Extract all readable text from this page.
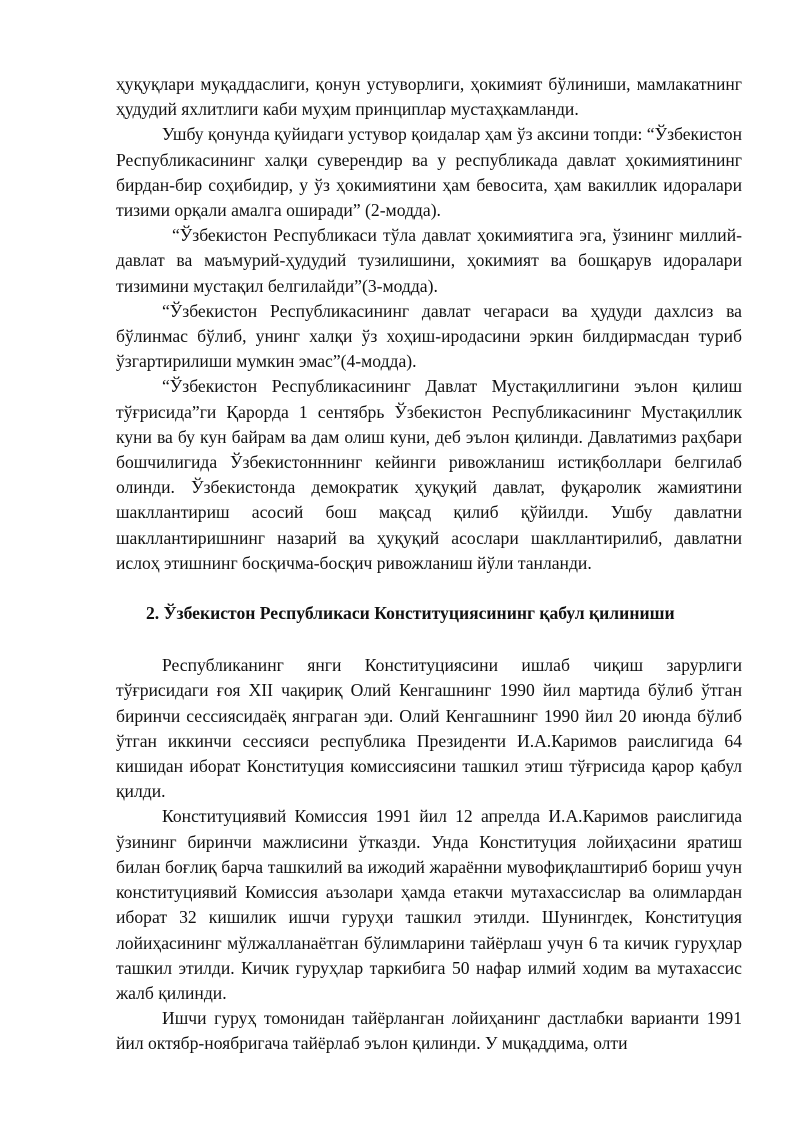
ҳуқуқлари муқаддаслиги, қонун устуворлиги, ҳокимият бўлиниши, мамлакатнинг ҳудудий яхлитлиги каби муҳим принциплар мустаҳкамланди.

Ушбу қонунда қуйидаги устувор қоидалар ҳам ўз аксини топди: “Ўзбекистон Республикасининг халқи суверендир ва у республикада давлат ҳокимиятининг бирдан-бир соҳибидир, у ўз ҳокимиятини ҳам бевосита, ҳам вакиллик идоралари тизими орқали амалга оширади” (2-модда).

“Ўзбекистон Республикаси тўла давлат ҳокимиятига эга, ўзининг миллий-давлат ва маъмурий-ҳудудий тузилишини, ҳокимият ва бошқарув идоралари тизимини мустақил белгилайди”(3-модда).

“Ўзбекистон Республикасининг давлат чегараси ва ҳудуди дахлсиз ва бўлинмас бўлиб, унинг халқи ўз хоҳиш-иродасини эркин билдирмасдан туриб ўзгартирилиши мумкин эмас”(4-модда).

“Ўзбекистон Республикасининг Давлат Мустақиллигини эълон қилиш тўғрисида”ги Қарорда 1 сентябрь Ўзбекистон Республикасининг Мустақиллик куни ва бу кун байрам ва дам олиш куни, деб эълон қилинди. Давлатимиз раҳбари бошчилигида Ўзбекистонннинг кейинги ривожланиш истиқболлари белгилаб олинди. Ўзбекистонда демократик ҳуқуқий давлат, фуқаролик жамиятини шакллантириш асосий бош мақсад қилиб қўйилди. Ушбу давлатни шакллантиришнинг назарий ва ҳуқуқий асослари шакллантирилиб, давлатни ислоҳ этишнинг босқичма-босқич ривожланиш йўли танланди.

2. Ўзбекистон Республикаси Конституциясининг қабул қилиниши

Республиканинг янги Конституциясини ишлаб чиқиш зарурлиги тўғрисидаги ғоя XII чақириқ Олий Кенгашнинг 1990 йил мартида бўлиб ўтган биринчи сессиясидаёқ янграган эди. Олий Кенгашнинг 1990 йил 20 июнда бўлиб ўтган иккинчи сессияси республика Президенти И.А.Каримов раислигида 64 кишидан иборат Конституция комиссиясини ташкил этиш тўғрисида қарор қабул қилди.

Конституциявий Комиссия 1991 йил 12 апрелда И.А.Каримов раислигида ўзининг биринчи мажлисини ўтказди. Унда Конституция лойиҳасини яратиш билан боғлиқ барча ташкилий ва ижодий жараённи мувофиқлаштириб бориш учун конституциявий Комиссия аъзолари ҳамда етакчи мутахассислар ва олимлардан иборат 32 кишилик ишчи гуруҳи ташкил этилди. Шунингдек, Конституция лойиҳасининг мўлжалланаётган бўлимларини тайёрлаш учун 6 та кичик гуруҳлар ташкил этилди. Кичик гуруҳлар таркибига 50 нафар илмий ходим ва мутахассис жалб қилинди.

Ишчи гуруҳ томонидан тайёрланган лойиҳанинг дастлабки варианти 1991 йил октябр-ноябригача тайёрлаб эълон қилинди. У мuқаддима, олти
